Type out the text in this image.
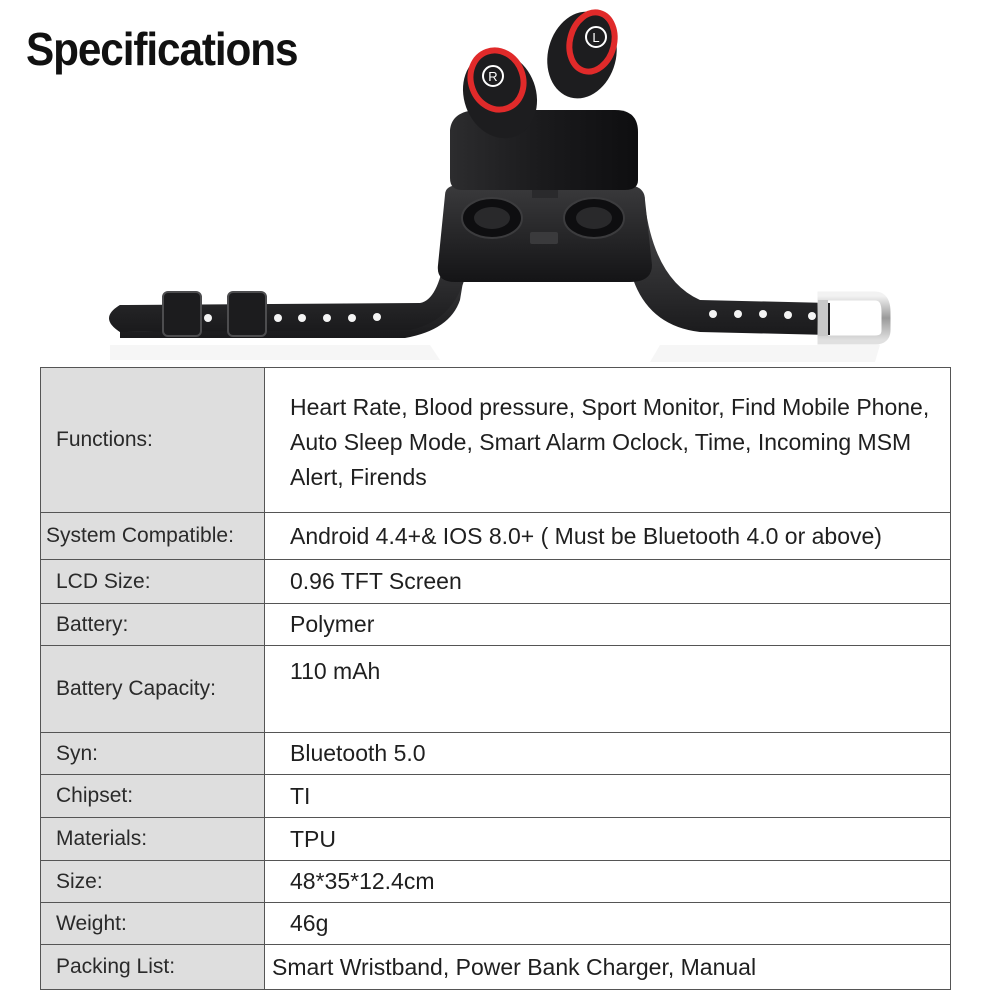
Specifications
R
L
Functions:	Heart Rate, Blood pressure, Sport Monitor, Find Mobile Phone, Auto Sleep Mode, Smart Alarm Oclock, Time, Incoming MSM Alert, Firends
System Compatible:	Android 4.4+& IOS 8.0+ ( Must be Bluetooth 4.0 or above)
LCD Size:	0.96 TFT Screen
Battery:	Polymer
Battery Capacity:	110 mAh
Syn:	Bluetooth 5.0
Chipset:	TI
Materials:	TPU
Size:	48*35*12.4cm
Weight:	46g
Packing List:	Smart Wristband, Power Bank Charger, Manual
